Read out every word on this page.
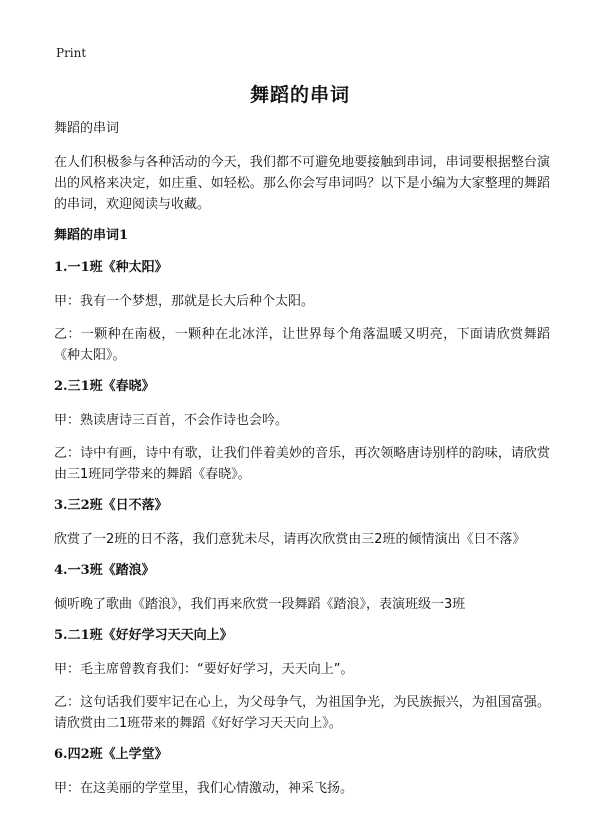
Print
舞蹈的串词

舞蹈的串词

在人们积极参与各种活动的今天，我们都不可避免地要接触到串词，串词要根据整台演出的风格来决定，如庄重、如轻松。那么你会写串词吗？以下是小编为大家整理的舞蹈的串词，欢迎阅读与收藏。

舞蹈的串词1

1.一1班《种太阳》

甲：我有一个梦想，那就是长大后种个太阳。

乙：一颗种在南极，一颗种在北冰洋，让世界每个角落温暖又明亮，下面请欣赏舞蹈《种太阳》。

2.三1班《春晓》

甲：熟读唐诗三百首，不会作诗也会吟。

乙：诗中有画，诗中有歌，让我们伴着美妙的音乐，再次领略唐诗别样的韵味，请欣赏由三1班同学带来的舞蹈《春晓》。

3.三2班《日不落》

欣赏了一2班的日不落，我们意犹未尽，请再次欣赏由三2班的倾情演出《日不落》

4.一3班《踏浪》

倾听晚了歌曲《踏浪》，我们再来欣赏一段舞蹈《踏浪》，表演班级一3班

5.二1班《好好学习天天向上》

甲：毛主席曾教育我们：“要好好学习，天天向上”。

乙：这句话我们要牢记在心上，为父母争气，为祖国争光，为民族振兴，为祖国富强。请欣赏由二1班带来的舞蹈《好好学习天天向上》。

6.四2班《上学堂》

甲：在这美丽的学堂里，我们心情激动，神采飞扬。
